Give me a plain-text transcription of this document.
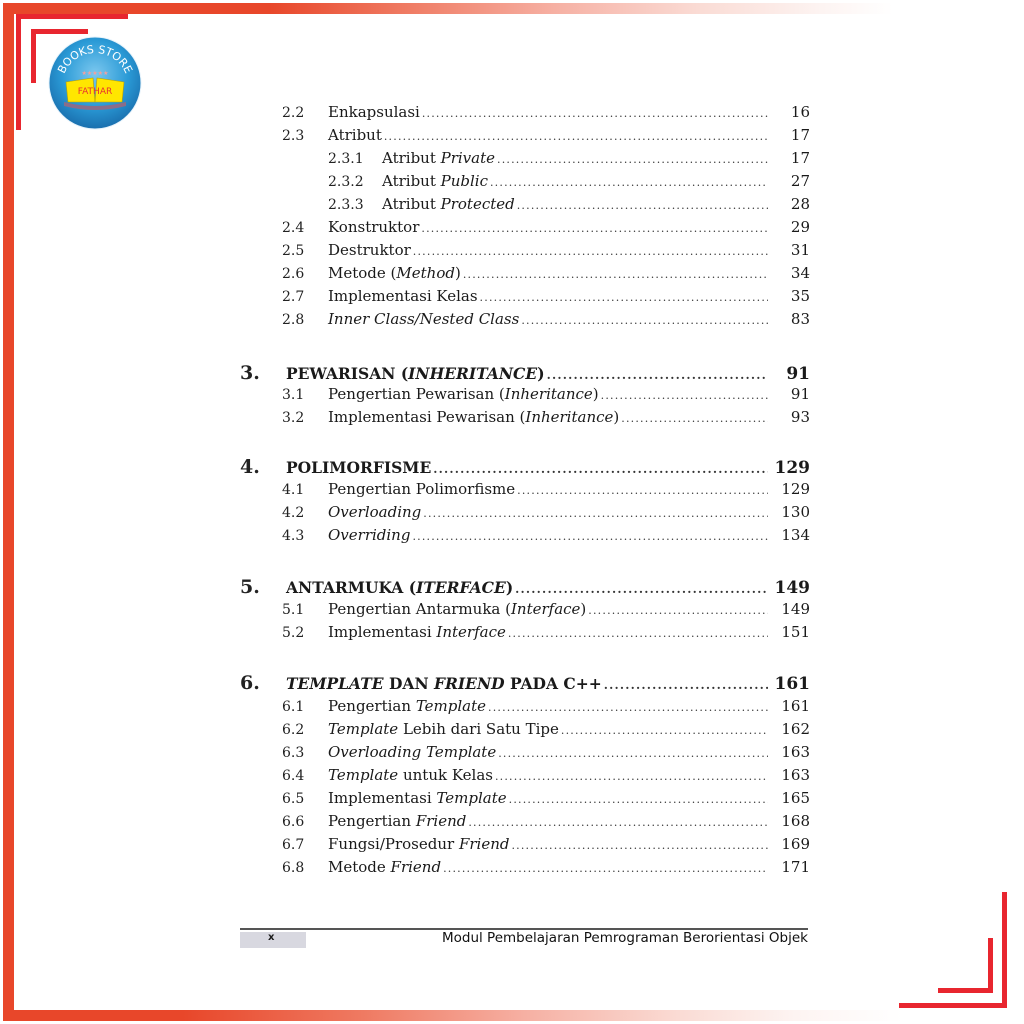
BOOKS STORE
★★★★★
FATHAR
2.2	Enkapsulasi .....	16
2.3	Atribut .....	17
2.3.1	Atribut Private .....	17
2.3.2	Atribut Public .....	27
2.3.3	Atribut Protected .....	28
2.4	Konstruktor .....	29
2.5	Destruktor .....	31
2.6	Metode (Method) .....	34
2.7	Implementasi Kelas .....	35
2.8	Inner Class/Nested Class .....	83
3.	PEWARISAN (INHERITANCE) .....	91
3.1	Pengertian Pewarisan (Inheritance) .....	91
3.2	Implementasi Pewarisan (Inheritance) .....	93
4.	POLIMORFISME .....	129
4.1	Pengertian Polimorfisme .....	129
4.2	Overloading .....	130
4.3	Overriding .....	134
5.	ANTARMUKA (ITERFACE) .....	149
5.1	Pengertian Antarmuka (Interface) .....	149
5.2	Implementasi Interface .....	151
6.	TEMPLATE DAN FRIEND PADA C++ .....	161
6.1	Pengertian Template .....	161
6.2	Template Lebih dari Satu Tipe .....	162
6.3	Overloading Template .....	163
6.4	Template untuk Kelas .....	163
6.5	Implementasi Template .....	165
6.6	Pengertian Friend .....	168
6.7	Fungsi/Prosedur Friend .....	169
6.8	Metode Friend .....	171
x	Modul Pembelajaran Pemrograman Berorientasi Objek
